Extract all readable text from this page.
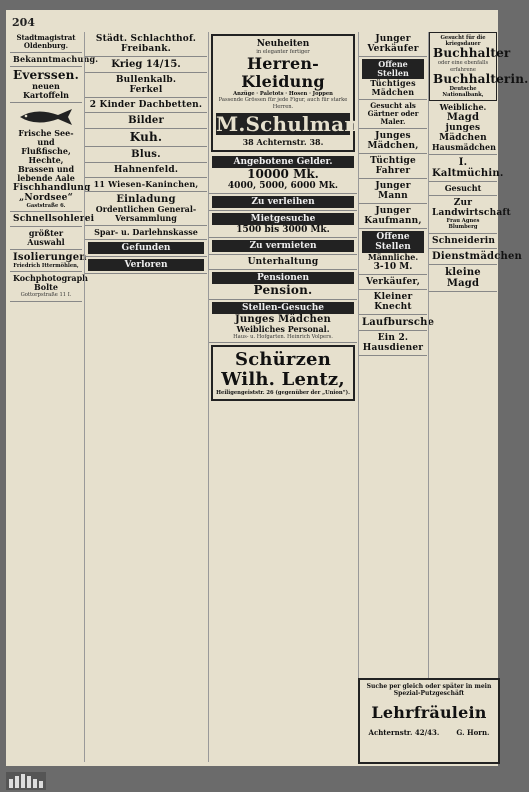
204
Stadtmagistrat Oldenburg.
Bekanntmachung.
Everssen.
neuen Kartoffeln
Frische See- und Flußfische, Hechte, Brassen und lebende Aale
Fischhandlung „Nordsee“
Gaststraße 6.
Schnellsohlerei
größter Auswahl
Isolierungen
Friedrich Ittermöhlen,
Kochphotograph Bolte
Gottorpstraße 11 I.
Städt. Schlachthof. Freibank.
Krieg 14/15.
Bullenkalb.
Ferkel
2 Kinder Dachbetten.
Bilder
Kuh.
Blus.
Hahnenfeld.
11 Wiesen-Kaninchen,
Einladung
Ordentlichen General-Versammlung
Spar- u. Darlehnskasse
Gefunden
Verloren
Neuheiten
in eleganter fertiger
Herren-Kleidung
Anzüge · Paletots · Hosen · Joppen
Passende Grössen für jede Figur, auch für starke Herren.
M.Schulmann
38 Achternstr. 38.
Angebotene Gelder.
10000 Mk.
4000, 5000, 6000 Mk.
Zu verleihen
Mietgesuche
1500 bis 3000 Mk.
Zu vermieten
Unterhaltung
Pensionen
Pension.
Stellen-Gesuche
Junges Mädchen
Weibliches Personal.
Haus- u. Hofgarten. Heinrich Volpers.
Schürzen
Wilh. Lentz,
Heiligengeiststr. 26 (gegenüber der „Union“).
Junger Verkäufer
Offene Stellen
Tüchtiges Mädchen
Gesucht als Gärtner oder Maler.
Junges Mädchen,
Tüchtige Fahrer
Junger Mann
Junger Kaufmann,
Offene Stellen
Männliche.
3-10 M.
Verkäufer,
Kleiner Knecht
Laufbursche
Ein 2. Hausdiener
Gesucht für die kriegsdauer
Buchhalter
oder eine ebenfalls erfahrene
Buchhalterin.
Deutsche Nationalbank,
Weibliche.
Magd
junges Mädchen
Hausmädchen
I. Kaltmüchin.
Gesucht
Zur Landwirtschaft
Frau Agnes Blumberg
Schneiderin
Dienstmädchen
kleine Magd
Suche per gleich oder später in mein Spezial-Putzgeschäft
Lehrfräulein
Achternstr. 42/43. G. Horn.
